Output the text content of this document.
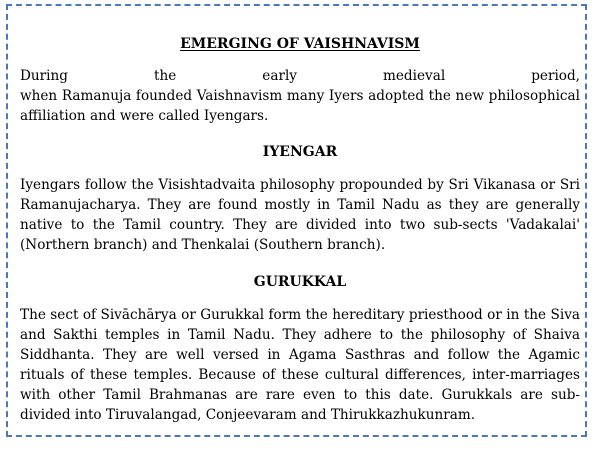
EMERGING OF VAISHNAVISM

During the early medieval period,

when Ramanuja founded Vaishnavism many Iyers adopted the new philosophical affiliation and were called Iyengars.

IYENGAR

Iyengars follow the Visishtadvaita philosophy propounded by Sri Vikanasa or Sri Ramanujacharya. They are found mostly in Tamil Nadu as they are generally native to the Tamil country. They are divided into two sub-sects 'Vadakalai' (Northern branch) and Thenkalai (Southern branch).

GURUKKAL

The sect of Sivāchārya or Gurukkal form the hereditary priesthood or in the Siva and Sakthi temples in Tamil Nadu. They adhere to the philosophy of Shaiva Siddhanta. They are well versed in Agama Sasthras and follow the Agamic rituals of these temples. Because of these cultural differences, inter-marriages with other Tamil Brahmanas are rare even to this date. Gurukkals are sub-divided into Tiruvalangad, Conjeevaram and Thirukkazhukunram.
